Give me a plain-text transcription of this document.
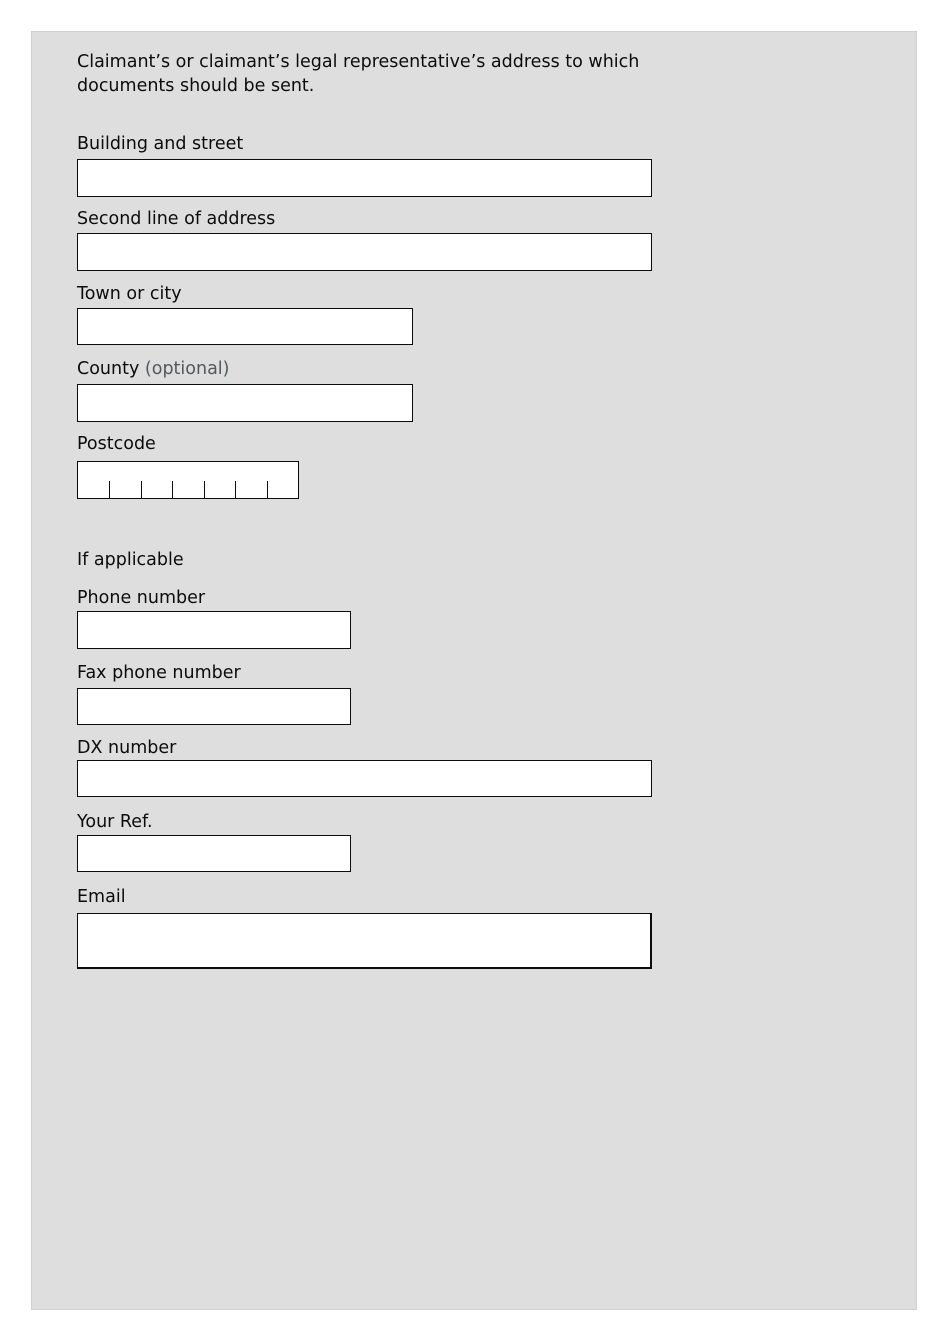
Claimant’s or claimant’s legal representative’s address to which documents should be sent.

Building and street

Second line of address

Town or city

County (optional)

Postcode

If applicable

Phone number

Fax phone number

DX number

Your Ref.

Email
